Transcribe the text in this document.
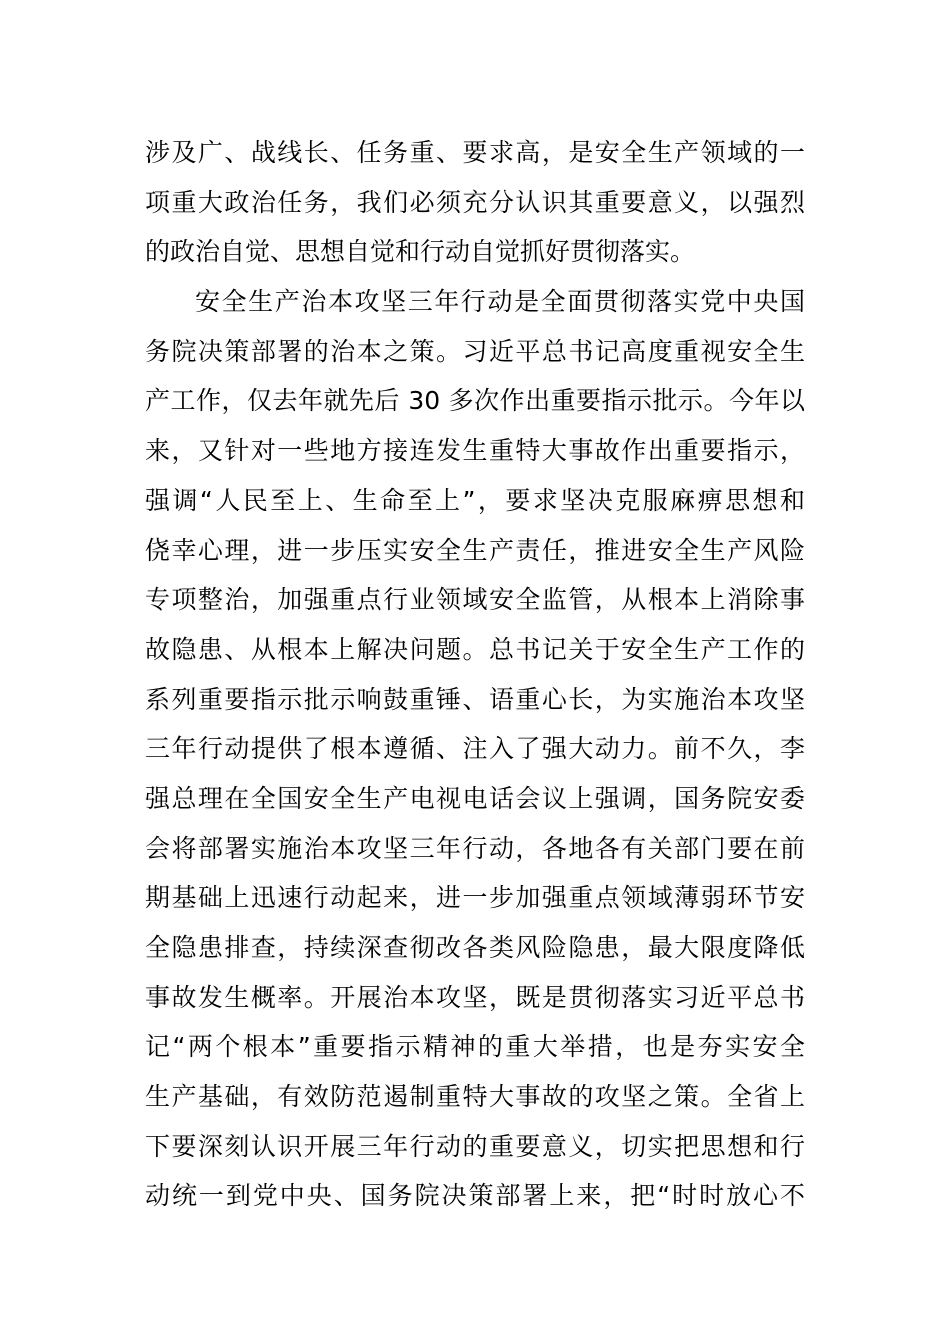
涉及广、战线长、任务重、要求高，是安全生产领域的一
项重大政治任务，我们必须充分认识其重要意义，以强烈
的政治自觉、思想自觉和行动自觉抓好贯彻落实。
安全生产治本攻坚三年行动是全面贯彻落实党中央国
务院决策部署的治本之策。习近平总书记高度重视安全生
产工作，仅去年就先后 30 多次作出重要指示批示。今年以
来，又针对一些地方接连发生重特大事故作出重要指示，
强调“人民至上、生命至上”，要求坚决克服麻痹思想和
侥幸心理，进一步压实安全生产责任，推进安全生产风险
专项整治，加强重点行业领域安全监管，从根本上消除事
故隐患、从根本上解决问题。总书记关于安全生产工作的
系列重要指示批示响鼓重锤、语重心长，为实施治本攻坚
三年行动提供了根本遵循、注入了强大动力。前不久，李
强总理在全国安全生产电视电话会议上强调，国务院安委
会将部署实施治本攻坚三年行动，各地各有关部门要在前
期基础上迅速行动起来，进一步加强重点领域薄弱环节安
全隐患排查，持续深查彻改各类风险隐患，最大限度降低
事故发生概率。开展治本攻坚，既是贯彻落实习近平总书
记“两个根本”重要指示精神的重大举措，也是夯实安全
生产基础，有效防范遏制重特大事故的攻坚之策。全省上
下要深刻认识开展三年行动的重要意义，切实把思想和行
动统一到党中央、国务院决策部署上来，把“时时放心不
